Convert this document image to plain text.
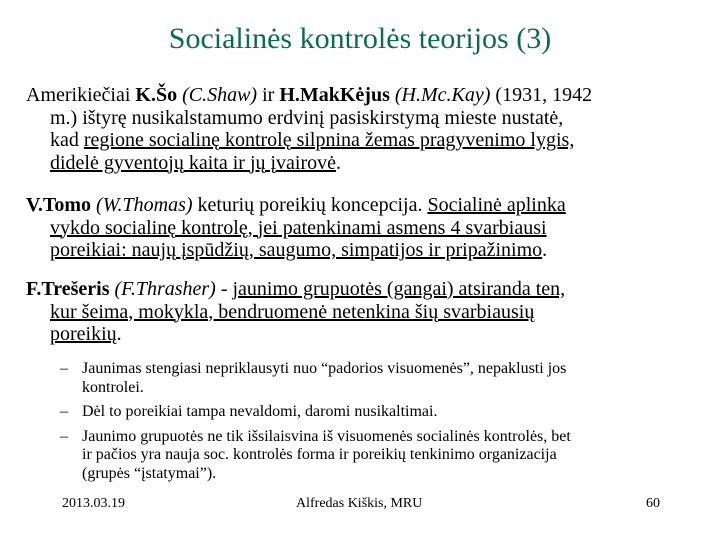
Socialinės kontrolės teorijos (3)
Amerikiečiai K.Šo (C.Shaw) ir H.MakKėjus (H.Mc.Kay) (1931, 1942
m.) ištyrę nusikalstamumo erdvinį pasiskirstymą mieste nustatė,
kad regione socialinę kontrolę silpnina žemas pragyvenimo lygis,
didelė gyventojų kaita ir jų įvairovė.
V.Tomo (W.Thomas) keturių poreikių koncepcija. Socialinė aplinka
vykdo socialinę kontrolę, jei patenkinami asmens 4 svarbiausi
poreikiai: naujų įspūdžių, saugumo, simpatijos ir pripažinimo.
F.Trešeris (F.Thrasher) - jaunimo grupuotės (gangai) atsiranda ten,
kur šeima, mokykla, bendruomenė netenkina šių svarbiausių
poreikių.
– Jaunimas stengiasi nepriklausyti nuo “padorios visuomenės”, nepaklusti jos
kontrolei.
– Dėl to poreikiai tampa nevaldomi, daromi nusikaltimai.
– Jaunimo grupuotės ne tik išsilaisvina iš visuomenės socialinės kontrolės, bet
ir pačios yra nauja soc. kontrolės forma ir poreikių tenkinimo organizacija
(grupės “įstatymai”).
2013.03.19	Alfredas Kiškis, MRU	60
